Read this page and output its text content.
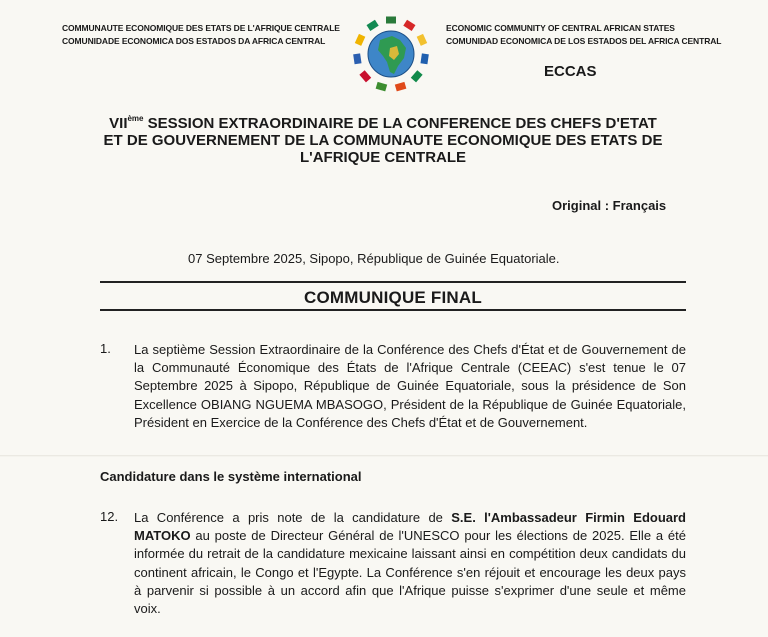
COMMUNAUTE ECONOMIQUE DES ETATS DE L'AFRIQUE CENTRALE
COMUNIDADE ECONOMICA DOS ESTADOS DA AFRICA CENTRAL
ECONOMIC COMMUNITY OF CENTRAL AFRICAN STATES
COMUNIDAD ECONOMICA DE LOS ESTADOS DEL AFRICA CENTRAL
ECCAS
VIIème SESSION EXTRAORDINAIRE DE LA CONFERENCE DES CHEFS D'ETAT ET DE GOUVERNEMENT DE LA COMMUNAUTE ECONOMIQUE DES ETATS DE L'AFRIQUE CENTRALE
Original : Français
07 Septembre 2025, Sipopo, République de Guinée Equatoriale.
COMMUNIQUE FINAL
1. La septième Session Extraordinaire de la Conférence des Chefs d'État et de Gouvernement de la Communauté Économique des États de l'Afrique Centrale (CEEAC) s'est tenue le 07 Septembre 2025 à Sipopo, République de Guinée Equatoriale, sous la présidence de Son Excellence OBIANG NGUEMA MBASOGO, Président de la République de Guinée Equatoriale, Président en Exercice de la Conférence des Chefs d'État et de Gouvernement.
Candidature dans le système international
12. La Conférence a pris note de la candidature de S.E. l'Ambassadeur Firmin Edouard MATOKO au poste de Directeur Général de l'UNESCO pour les élections de 2025. Elle a été informée du retrait de la candidature mexicaine laissant ainsi en compétition deux candidats du continent africain, le Congo et l'Egypte. La Conférence s'en réjouit et encourage les deux pays à parvenir si possible à un accord afin que l'Afrique puisse s'exprimer d'une seule et même voix.
